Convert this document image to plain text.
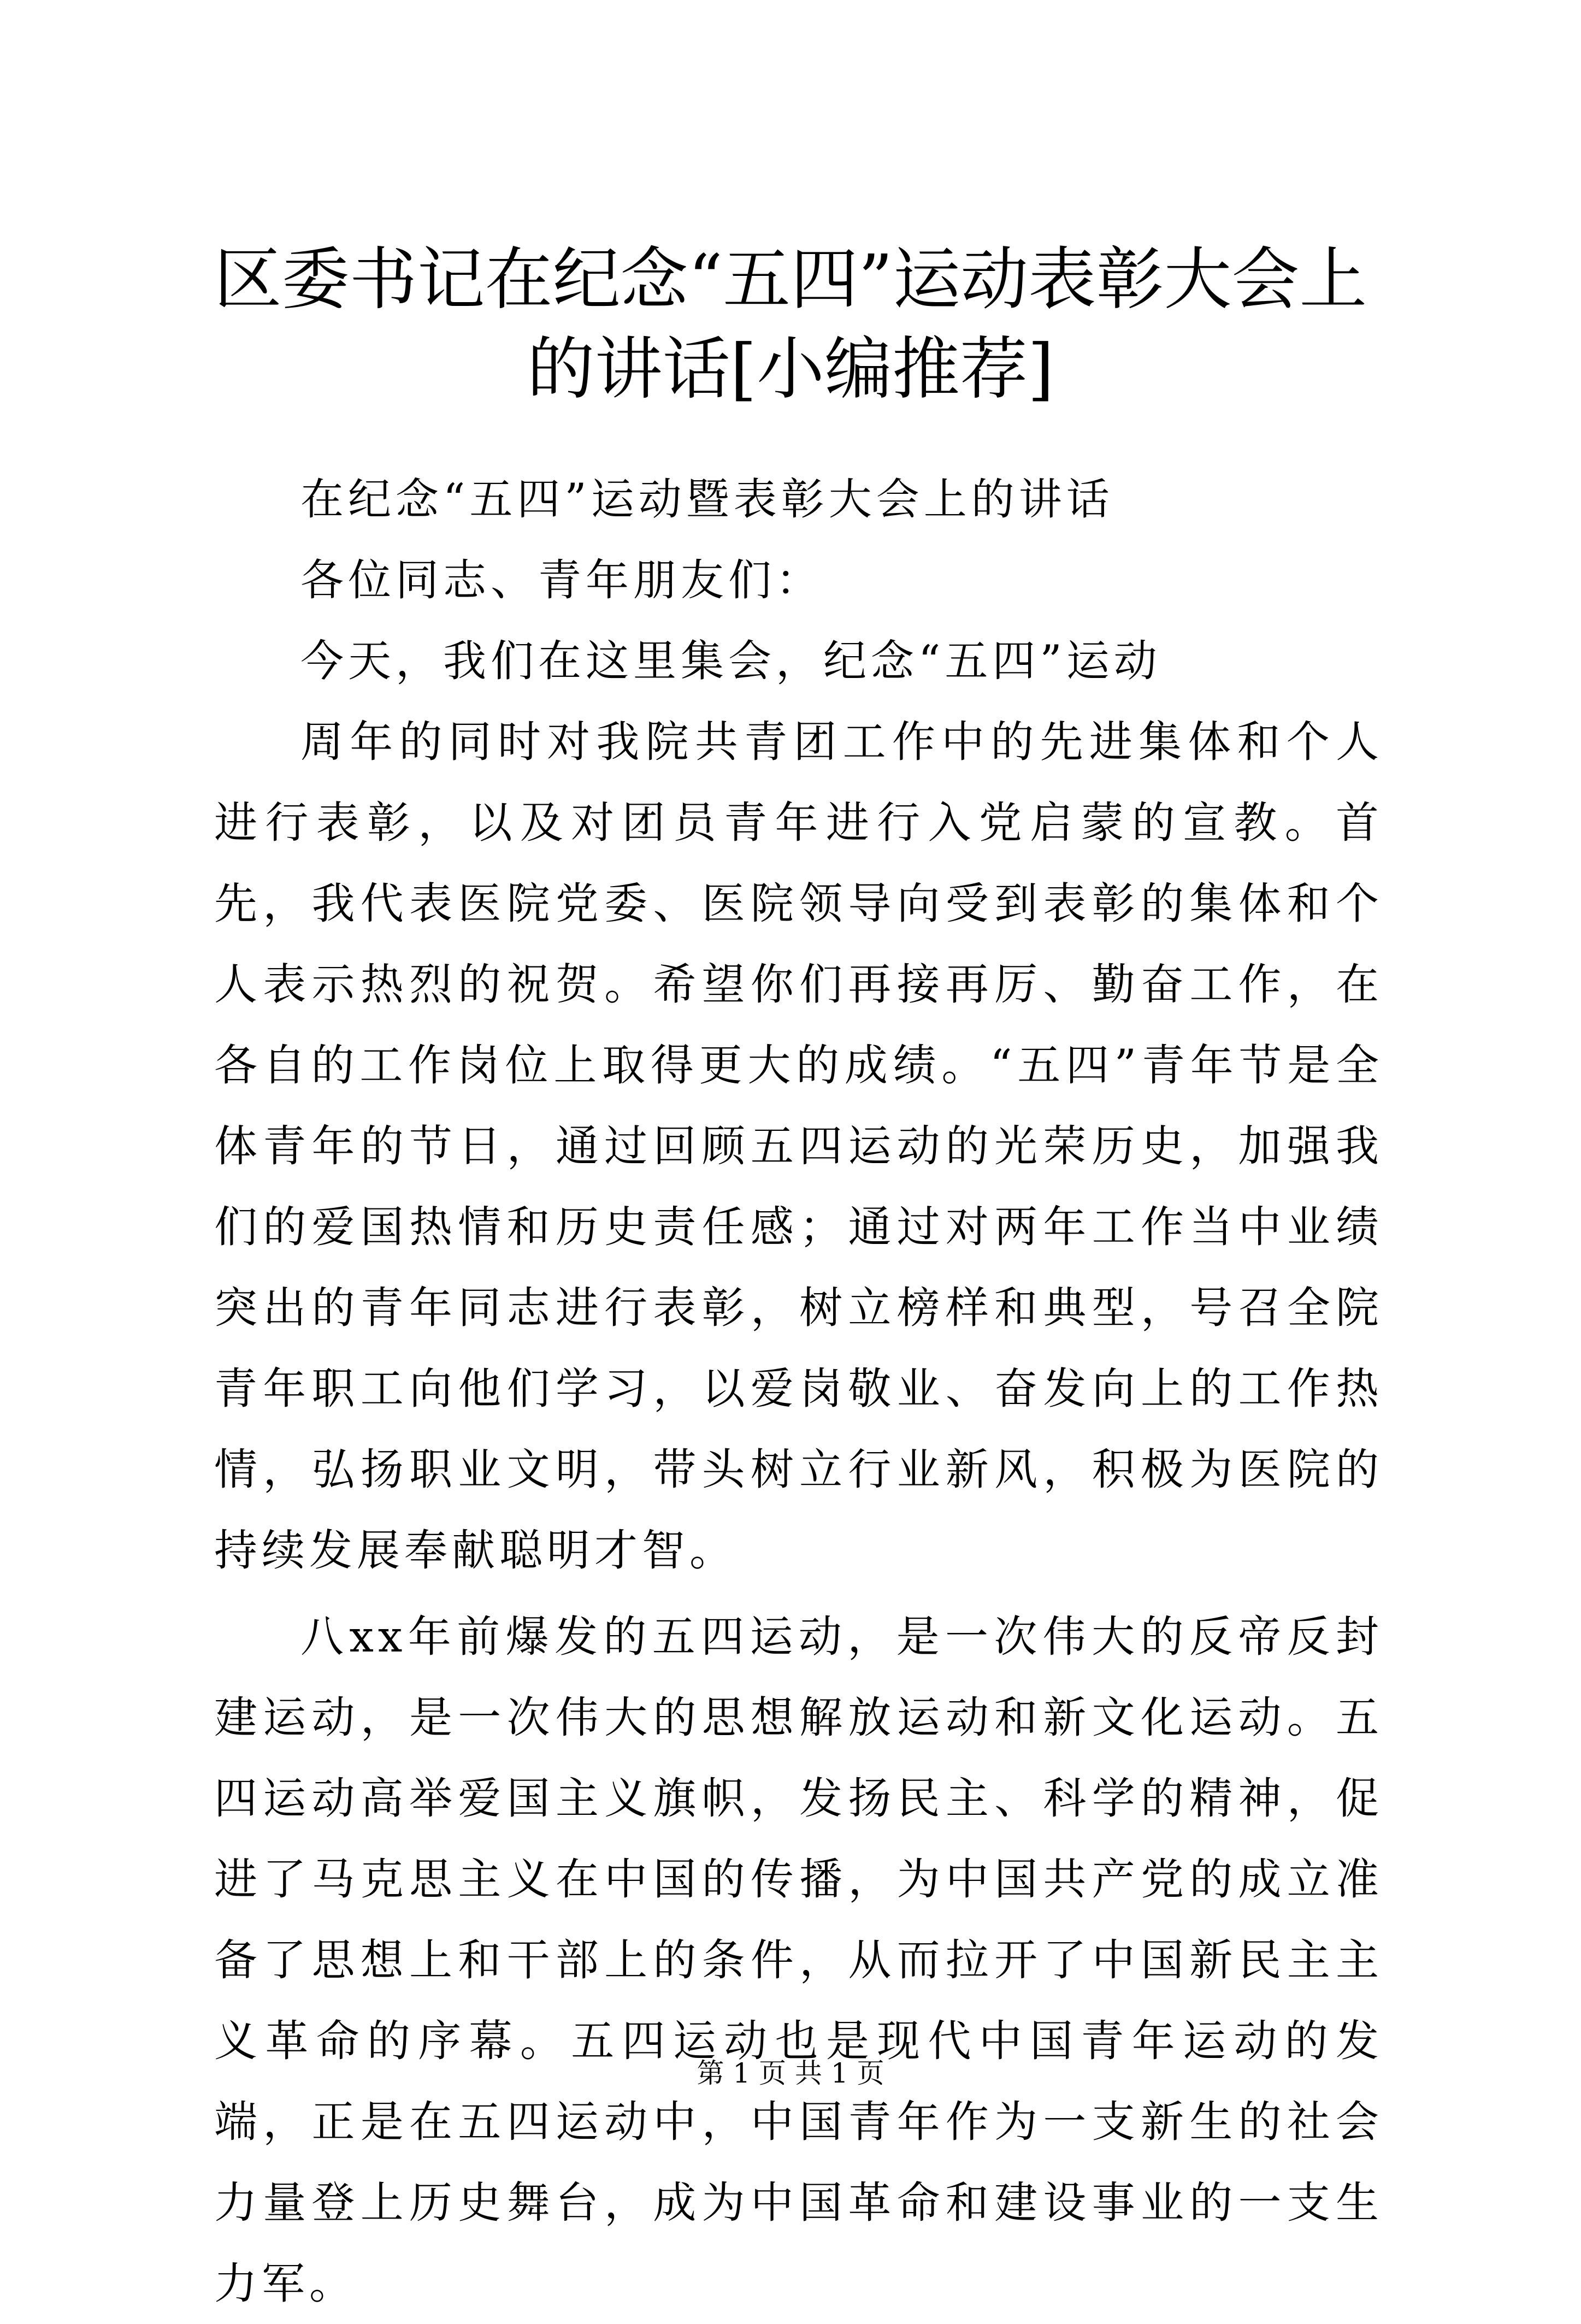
区委书记在纪念“五四”运动表彰大会上的讲话[小编推荐]

在纪念“五四”运动暨表彰大会上的讲话

各位同志、青年朋友们：

今天，我们在这里集会，纪念“五四”运动

周年的同时对我院共青团工作中的先进集体和个人进行表彰，以及对团员青年进行入党启蒙的宣教。首先，我代表医院党委、医院领导向受到表彰的集体和个人表示热烈的祝贺。希望你们再接再厉、勤奋工作，在各自的工作岗位上取得更大的成绩。“五四”青年节是全体青年的节日，通过回顾五四运动的光荣历史，加强我们的爱国热情和历史责任感；通过对两年工作当中业绩突出的青年同志进行表彰，树立榜样和典型，号召全院青年职工向他们学习，以爱岗敬业、奋发向上的工作热情，弘扬职业文明，带头树立行业新风，积极为医院的持续发展奉献聪明才智。

八xx年前爆发的五四运动，是一次伟大的反帝反封建运动，是一次伟大的思想解放运动和新文化运动。五四运动高举爱国主义旗帜，发扬民主、科学的精神，促进了马克思主义在中国的传播，为中国共产党的成立准备了思想上和干部上的条件，从而拉开了中国新民主主义革命的序幕。五四运动也是现代中国青年运动的发端，正是在五四运动中，中国青年作为一支新生的社会力量登上历史舞台，成为中国革命和建设事业的一支生力军。

第 1 页 共 1 页
